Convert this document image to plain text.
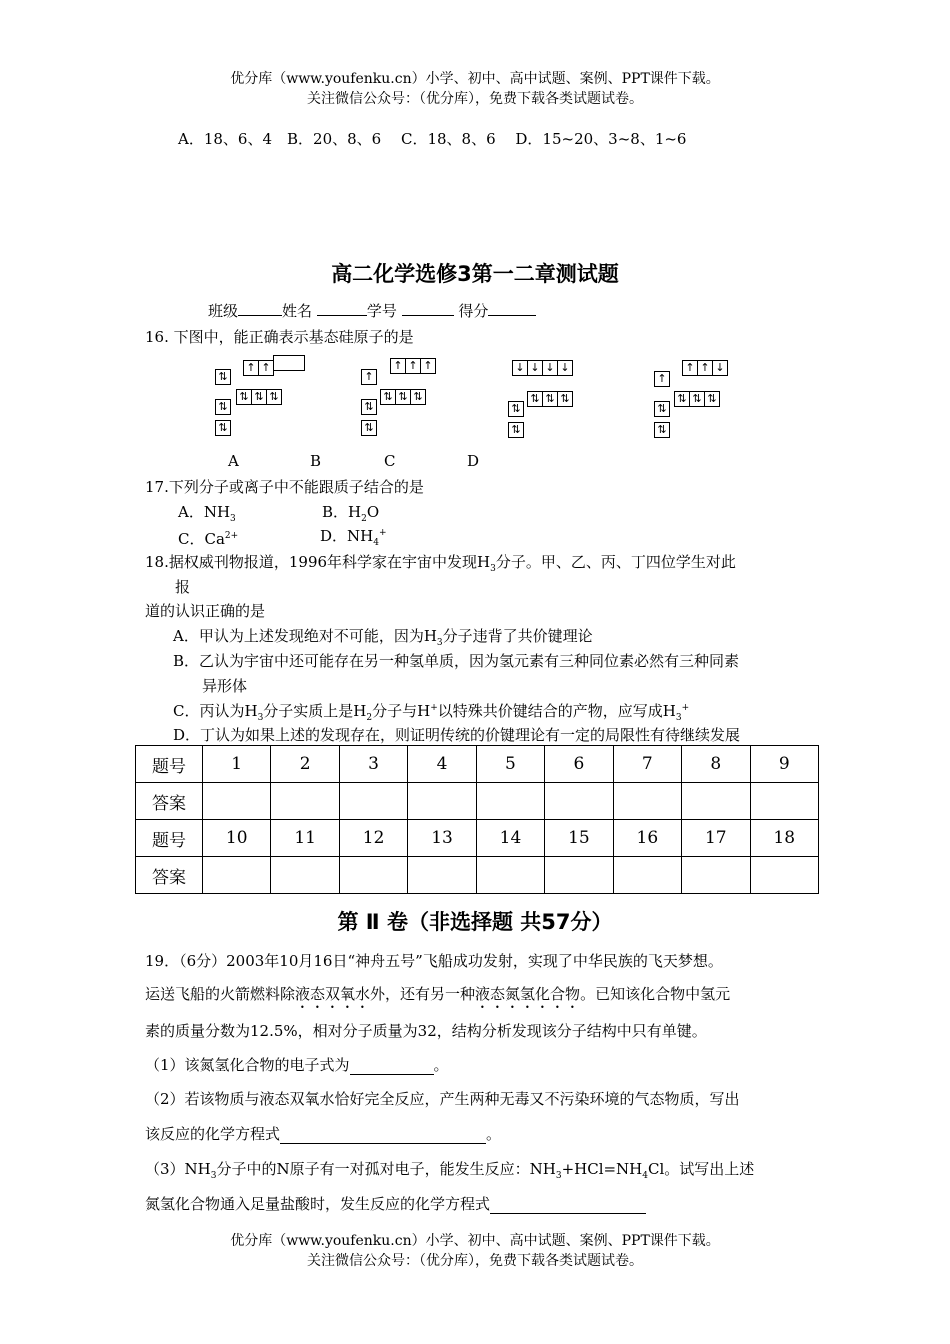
优分库（www.youfenku.cn）小学、初中、高中试题、案例、PPT课件下载。
关注微信公众号：（优分库），免费下载各类试题试卷。
A．18、6、4　B．20、8、6　 C．18、8、6　 D．15~20、3~8、1~6
高二化学选修3第一二章测试题
班级	姓名	学号	得分
16. 下图中，能正确表示基态硅原子的是
↑ ↑
⇅ ⇅ ⇅
⇅
⇅
⇅
↑ ↑ ↑
⇅ ⇅ ⇅
↑
⇅
⇅
↓ ↓ ↓ ↓
⇅ ⇅ ⇅
⇅
⇅
↑ ↑ ↓
⇅ ⇅ ⇅
↑
⇅
⇅
A	B	C	D
17.下列分子或离子中不能跟质子结合的是
A．$NH_3$	B．$H_2O$
C．$Ca^{2+}$	D．$NH_4^+$
18.据权威刊物报道，1996年科学家在宇宙中发现$H_3$分子。甲、乙、丙、丁四位学生对此
报
道的认识正确的是
A．甲认为上述发现绝对不可能，因为$H_3$分子违背了共价键理论
B．乙认为宇宙中还可能存在另一种氢单质，因为氢元素有三种同位素必然有三种同素
异形体
C．丙认为$H_3$分子实质上是$H_2$分子与H+以特殊共价键结合的产物，应写成$H_3^+$
D．丁认为如果上述的发现存在，则证明传统的价键理论有一定的局限性有待继续发展
题号	1	2	3	4	5	6	7	8	9
答案									
题号	10	11	12	13	14	15	16	17	18
答案									
第 Ⅱ 卷（非选择题 共57分）
19．（6分）2003年10月16日“神舟五号”飞船成功发射，实现了中华民族的飞天梦想。
运送飞船的火箭燃料除液态双氧水外，还有另一种液态氮氢化合物。已知该化合物中氢元
素的质量分数为12.5%，相对分子质量为32，结构分析发现该分子结构中只有单键。
（1）该氮氢化合物的电子式为	。
（2）若该物质与液态双氧水恰好完全反应，产生两种无毒又不污染环境的气态物质，写出
该反应的化学方程式	。
$(3)NH_3$分子中的N原子有一对孤对电子，能发生反应：$NH_3+HCl=NH_4Cl$。试写出上述
氮氢化合物通入足量盐酸时，发生反应的化学方程式
优分库（www.youfenku.cn）小学、初中、高中试题、案例、PPT课件下载。
关注微信公众号：（优分库），免费下载各类试题试卷。
